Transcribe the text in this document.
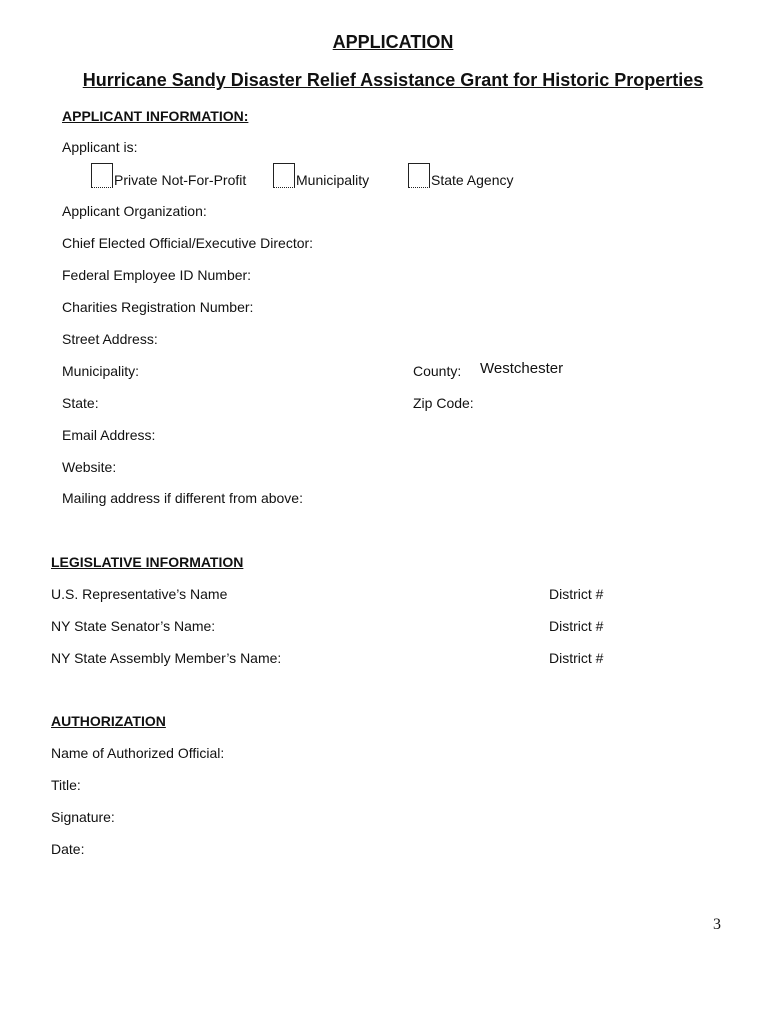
APPLICATION
Hurricane Sandy Disaster Relief Assistance Grant for Historic Properties
APPLICANT INFORMATION:
Applicant is:
Private Not-For-Profit	Municipality	State Agency
Applicant Organization:
Chief Elected Official/Executive Director:
Federal Employee ID Number:
Charities Registration Number:
Street Address:
Municipality:	County: Westchester
State:	Zip Code:
Email Address:
Website:
Mailing address if different from above:
LEGISLATIVE INFORMATION
U.S. Representative’s Name	District #
NY State Senator’s Name:	District #
NY State Assembly Member’s Name:	District #
AUTHORIZATION
Name of Authorized Official:
Title:
Signature:
Date:
3
